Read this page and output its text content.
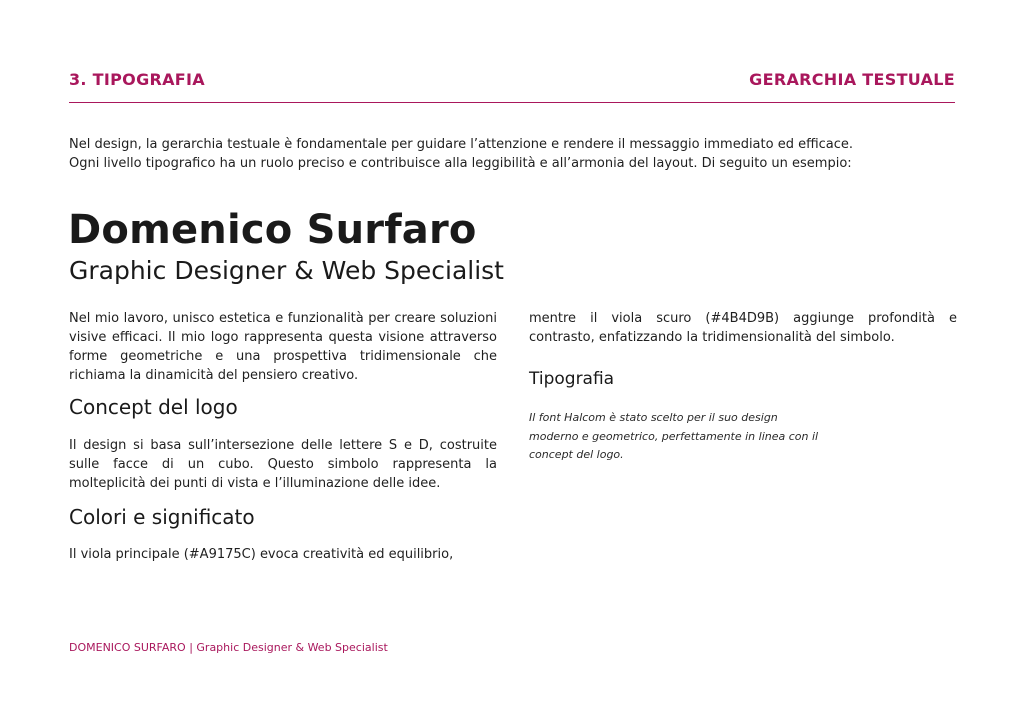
3. TIPOGRAFIA	GERARCHIA TESTUALE

Nel design, la gerarchia testuale è fondamentale per guidare l’attenzione e rendere il messaggio immediato ed efficace.

Ogni livello tipografico ha un ruolo preciso e contribuisce alla leggibilità e all’armonia del layout. Di seguito un esempio:

Domenico Surfaro
Graphic Designer & Web Specialist

Nel mio lavoro, unisco estetica e funzionalità per creare soluzioni visive efficaci. Il mio logo rappresenta questa visione attraverso forme geometriche e una prospettiva tridimensionale che richiama la dinamicità del pensiero creativo.

Concept del logo

Il design si basa sull’intersezione delle lettere S e D, costruite sulle facce di un cubo. Questo simbolo rappresenta la molteplicità dei punti di vista e l’illuminazione delle idee.

Colori e significato

Il viola principale (#A9175C) evoca creatività ed equilibrio,

mentre il viola scuro (#4B4D9B) aggiunge profondità e contrasto, enfatizzando la tridimensionalità del simbolo.

Tipografia

Il font Halcom è stato scelto per il suo design moderno e geometrico, perfettamente in linea con il concept del logo.

DOMENICO SURFARO | Graphic Designer & Web Specialist
